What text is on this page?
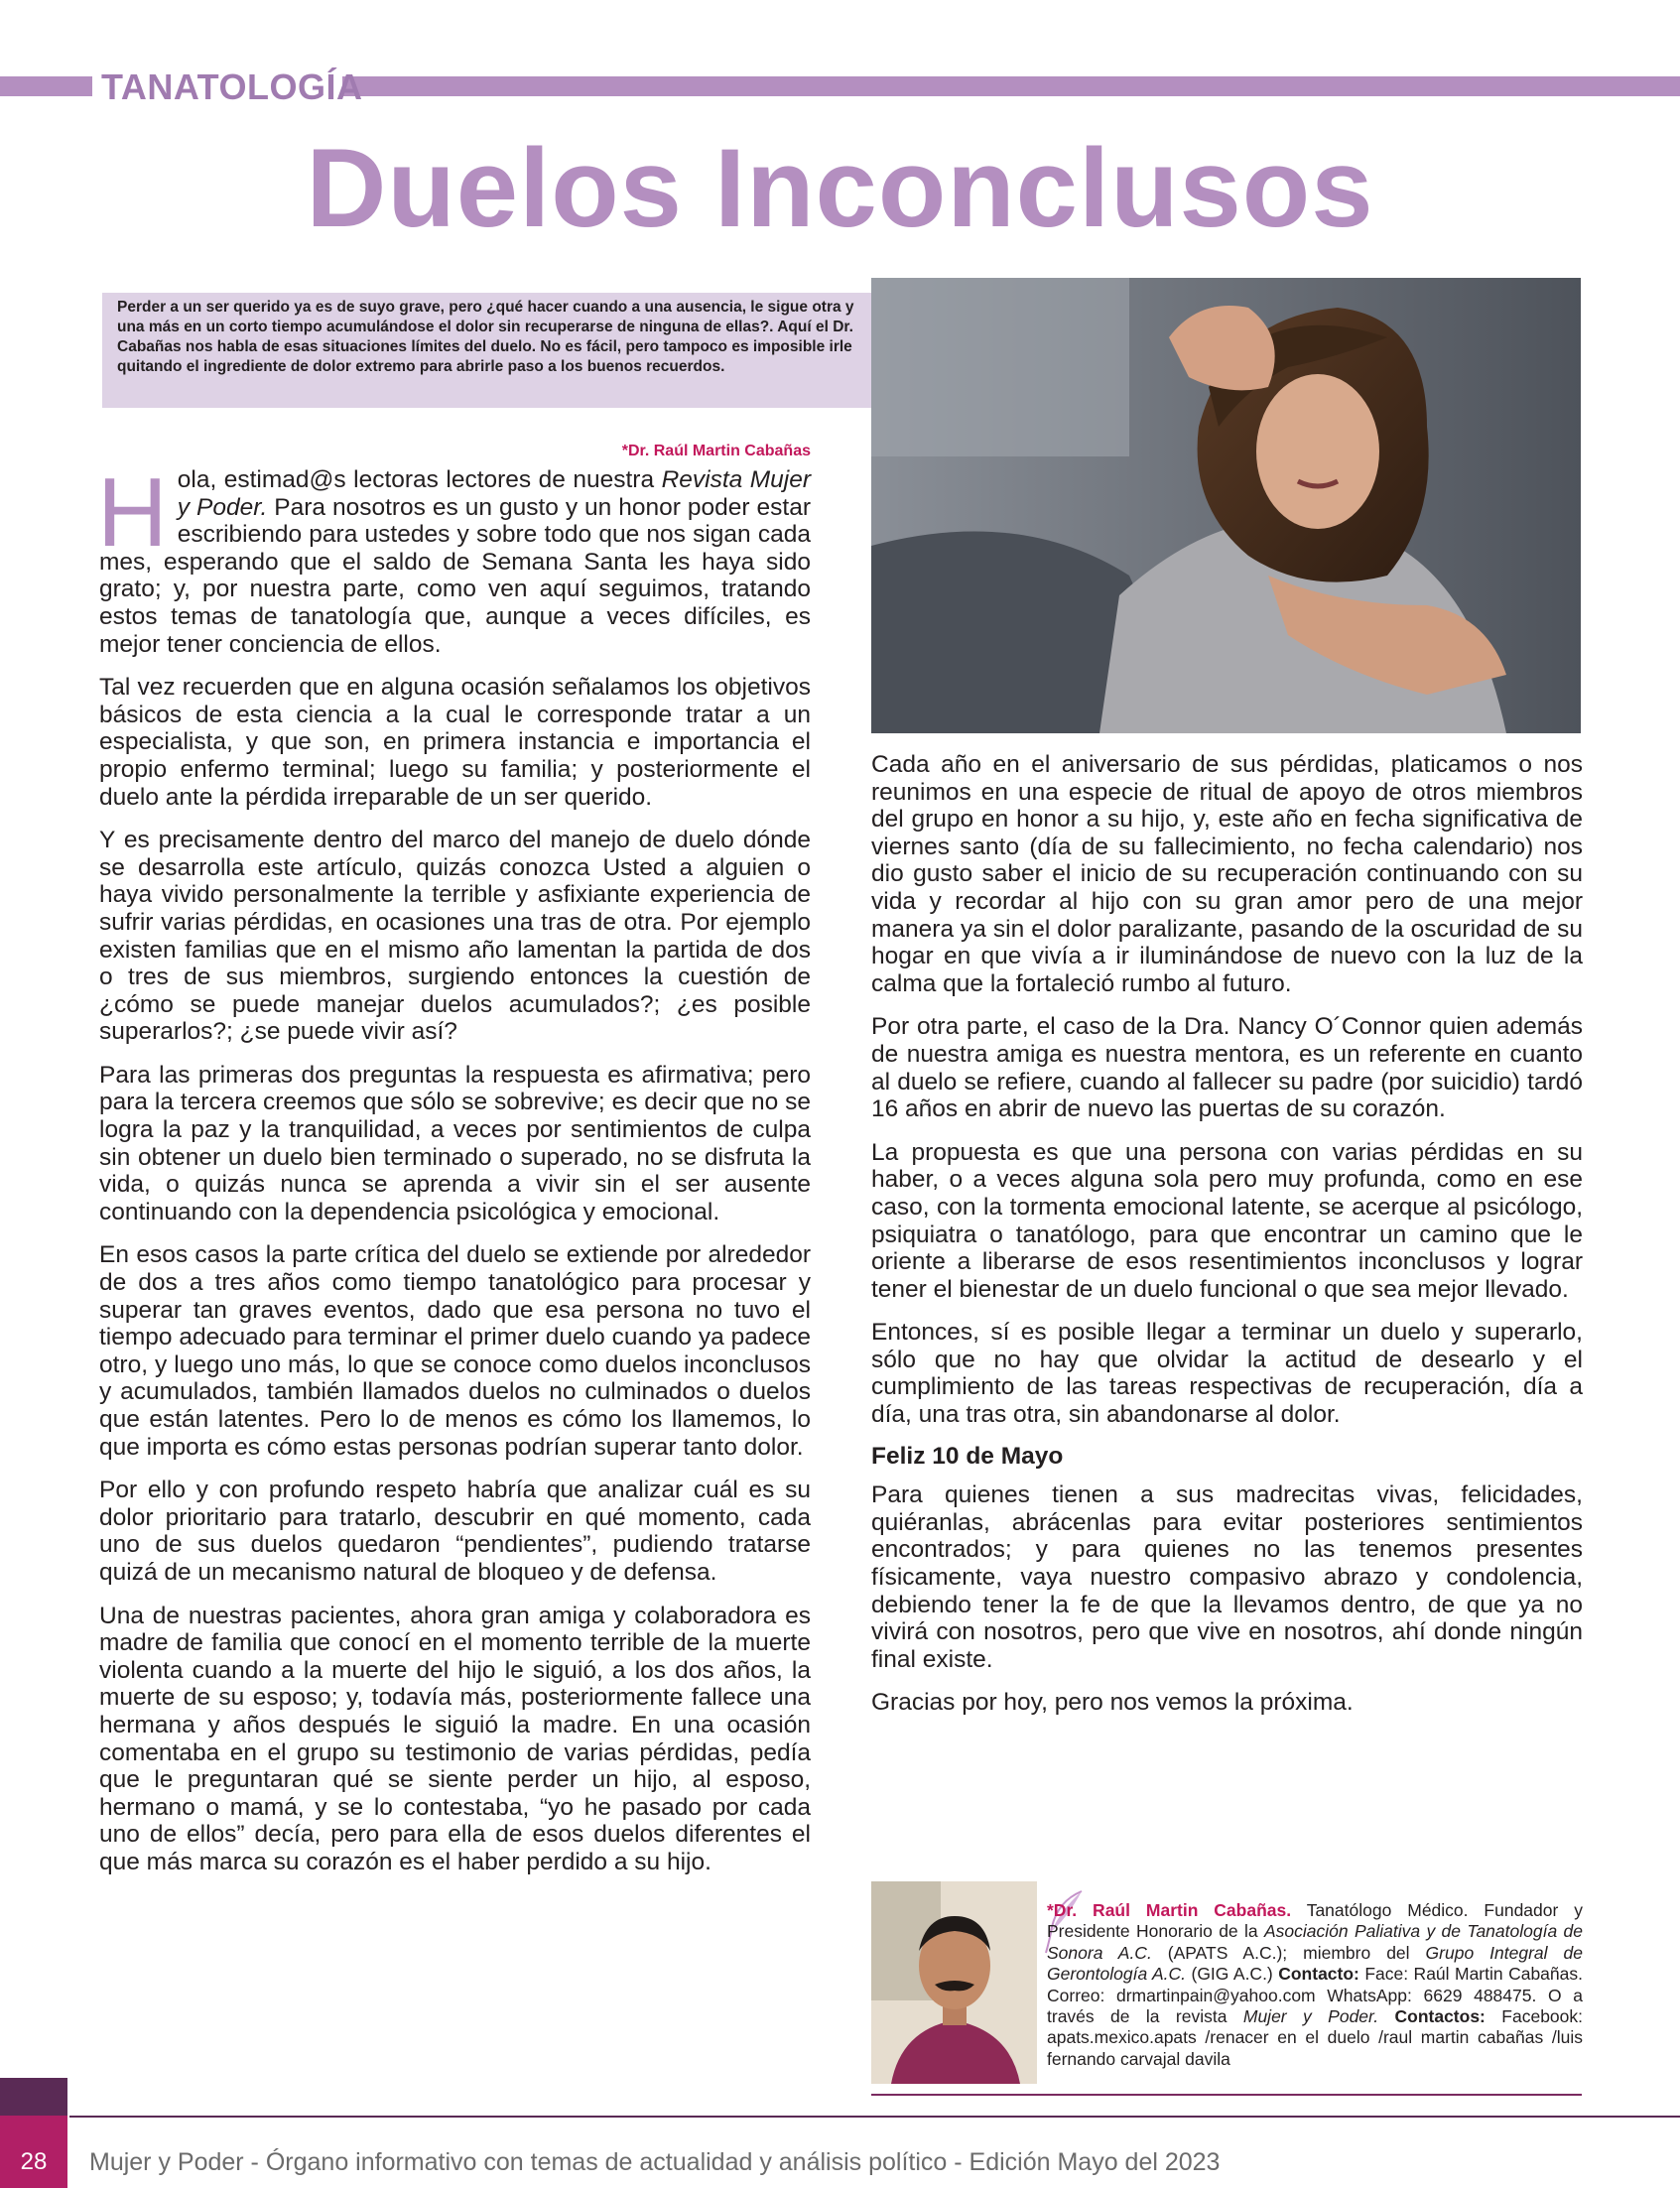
TANATOLOGÍA
Duelos Inconclusos

Perder a un ser querido ya es de suyo grave, pero ¿qué hacer cuando a una ausencia, le sigue otra y una más en un corto tiempo acumulándose el dolor sin recuperarse de ninguna de ellas?. Aquí el Dr. Cabañas nos habla de esas situaciones límites del duelo. No es fácil, pero tampoco es imposible irle quitando el ingrediente de dolor extremo para abrirle paso a los buenos recuerdos.

*Dr. Raúl Martin Cabañas

Hola, estimad@s lectoras lectores de nuestra Revista Mujer y Poder. Para nosotros es un gusto y un honor poder estar escribiendo para ustedes y sobre todo que nos sigan cada mes, esperando que el saldo de Semana Santa les haya sido grato; y, por nuestra parte, como ven aquí seguimos, tratando estos temas de tanatología que, aunque a veces difíciles, es mejor tener conciencia de ellos.

Tal vez recuerden que en alguna ocasión señalamos los objetivos básicos de esta ciencia a la cual le corresponde tratar a un especialista, y que son, en primera instancia e importancia el propio enfermo terminal; luego su familia; y posteriormente el duelo ante la pérdida irreparable de un ser querido.

Y es precisamente dentro del marco del manejo de duelo dónde se desarrolla este artículo, quizás conozca Usted a alguien o haya vivido personalmente la terrible y asfixiante experiencia de sufrir varias pérdidas, en ocasiones una tras de otra. Por ejemplo existen familias que en el mismo año lamentan la partida de dos o tres de sus miembros, surgiendo entonces la cuestión de ¿cómo se puede manejar duelos acumulados?; ¿es posible superarlos?; ¿se puede vivir así?

Para las primeras dos preguntas la respuesta es afirmativa; pero para la tercera creemos que sólo se sobrevive; es decir que no se logra la paz y la tranquilidad, a veces por sentimientos de culpa sin obtener un duelo bien terminado o superado, no se disfruta la vida, o quizás nunca se aprenda a vivir sin el ser ausente continuando con la dependencia psicológica y emocional.

En esos casos la parte crítica del duelo se extiende por alrededor de dos a tres años como tiempo tanatológico para procesar y superar tan graves eventos, dado que esa persona no tuvo el tiempo adecuado para terminar el primer duelo cuando ya padece otro, y luego uno más, lo que se conoce como duelos inconclusos y acumulados, también llamados duelos no culminados o duelos que están latentes. Pero lo de menos es cómo los llamemos, lo que importa es cómo estas personas podrían superar tanto dolor.

Por ello y con profundo respeto habría que analizar cuál es su dolor prioritario para tratarlo, descubrir en qué momento, cada uno de sus duelos quedaron “pendientes”, pudiendo tratarse quizá de un mecanismo natural de bloqueo y de defensa.

Una de nuestras pacientes, ahora gran amiga y colaboradora es madre de familia que conocí en el momento terrible de la muerte violenta cuando a la muerte del hijo le siguió, a los dos años, la muerte de su esposo; y, todavía más, posteriormente fallece una hermana y años después le siguió la madre. En una ocasión comentaba en el grupo su testimonio de varias pérdidas, pedía que le preguntaran qué se siente perder un hijo, al esposo, hermano o mamá, y se lo contestaba, “yo he pasado por cada uno de ellos” decía, pero para ella de esos duelos diferentes el que más marca su corazón es el haber perdido a su hijo.

Cada año en el aniversario de sus pérdidas, platicamos o nos reunimos en una especie de ritual de apoyo de otros miembros del grupo en honor a su hijo, y, este año en fecha significativa de viernes santo (día de su fallecimiento, no fecha calendario) nos dio gusto saber el inicio de su recuperación continuando con su vida y recordar al hijo con su gran amor pero de una mejor manera ya sin el dolor paralizante, pasando de la oscuridad de su hogar en que vivía a ir iluminándose de nuevo con la luz de la calma que la fortaleció rumbo al futuro.

Por otra parte, el caso de la Dra. Nancy O´Connor quien además de nuestra amiga es nuestra mentora, es un referente en cuanto al duelo se refiere, cuando al fallecer su padre (por suicidio) tardó 16 años en abrir de nuevo las puertas de su corazón.

La propuesta es que una persona con varias pérdidas en su haber, o a veces alguna sola pero muy profunda, como en ese caso, con la tormenta emocional latente, se acerque al psicólogo, psiquiatra o tanatólogo, para que encontrar un camino que le oriente a liberarse de esos resentimientos inconclusos y lograr tener el bienestar de un duelo funcional o que sea mejor llevado.

Entonces, sí es posible llegar a terminar un duelo y superarlo, sólo que no hay que olvidar la actitud de desearlo y el cumplimiento de las tareas respectivas de recuperación, día a día, una tras otra, sin abandonarse al dolor.

Feliz 10 de Mayo

Para quienes tienen a sus madrecitas vivas, felicidades, quiéranlas, abrácenlas para evitar posteriores sentimientos encontrados; y para quienes no las tenemos presentes físicamente, vaya nuestro compasivo abrazo y condolencia, debiendo tener la fe de que la llevamos dentro, de que ya no vivirá con nosotros, pero que vive en nosotros, ahí donde ningún final existe.

Gracias por hoy, pero nos vemos la próxima.

*Dr. Raúl Martin Cabañas. Tanatólogo Médico. Fundador y Presidente Honorario de la Asociación Paliativa y de Tanatología de Sonora A.C. (APATS A.C.); miembro del Grupo Integral de Gerontología A.C. (GIG A.C.) Contacto: Face: Raúl Martin Cabañas. Correo: drmartinpain@yahoo.com WhatsApp: 6629 488475. O a través de la revista Mujer y Poder. Contactos: Facebook: apats.mexico.apats /renacer en el duelo /raul martin cabañas /luis fernando carvajal davila

28	Mujer y Poder - Órgano informativo con temas de actualidad y análisis político - Edición Mayo del 2023
